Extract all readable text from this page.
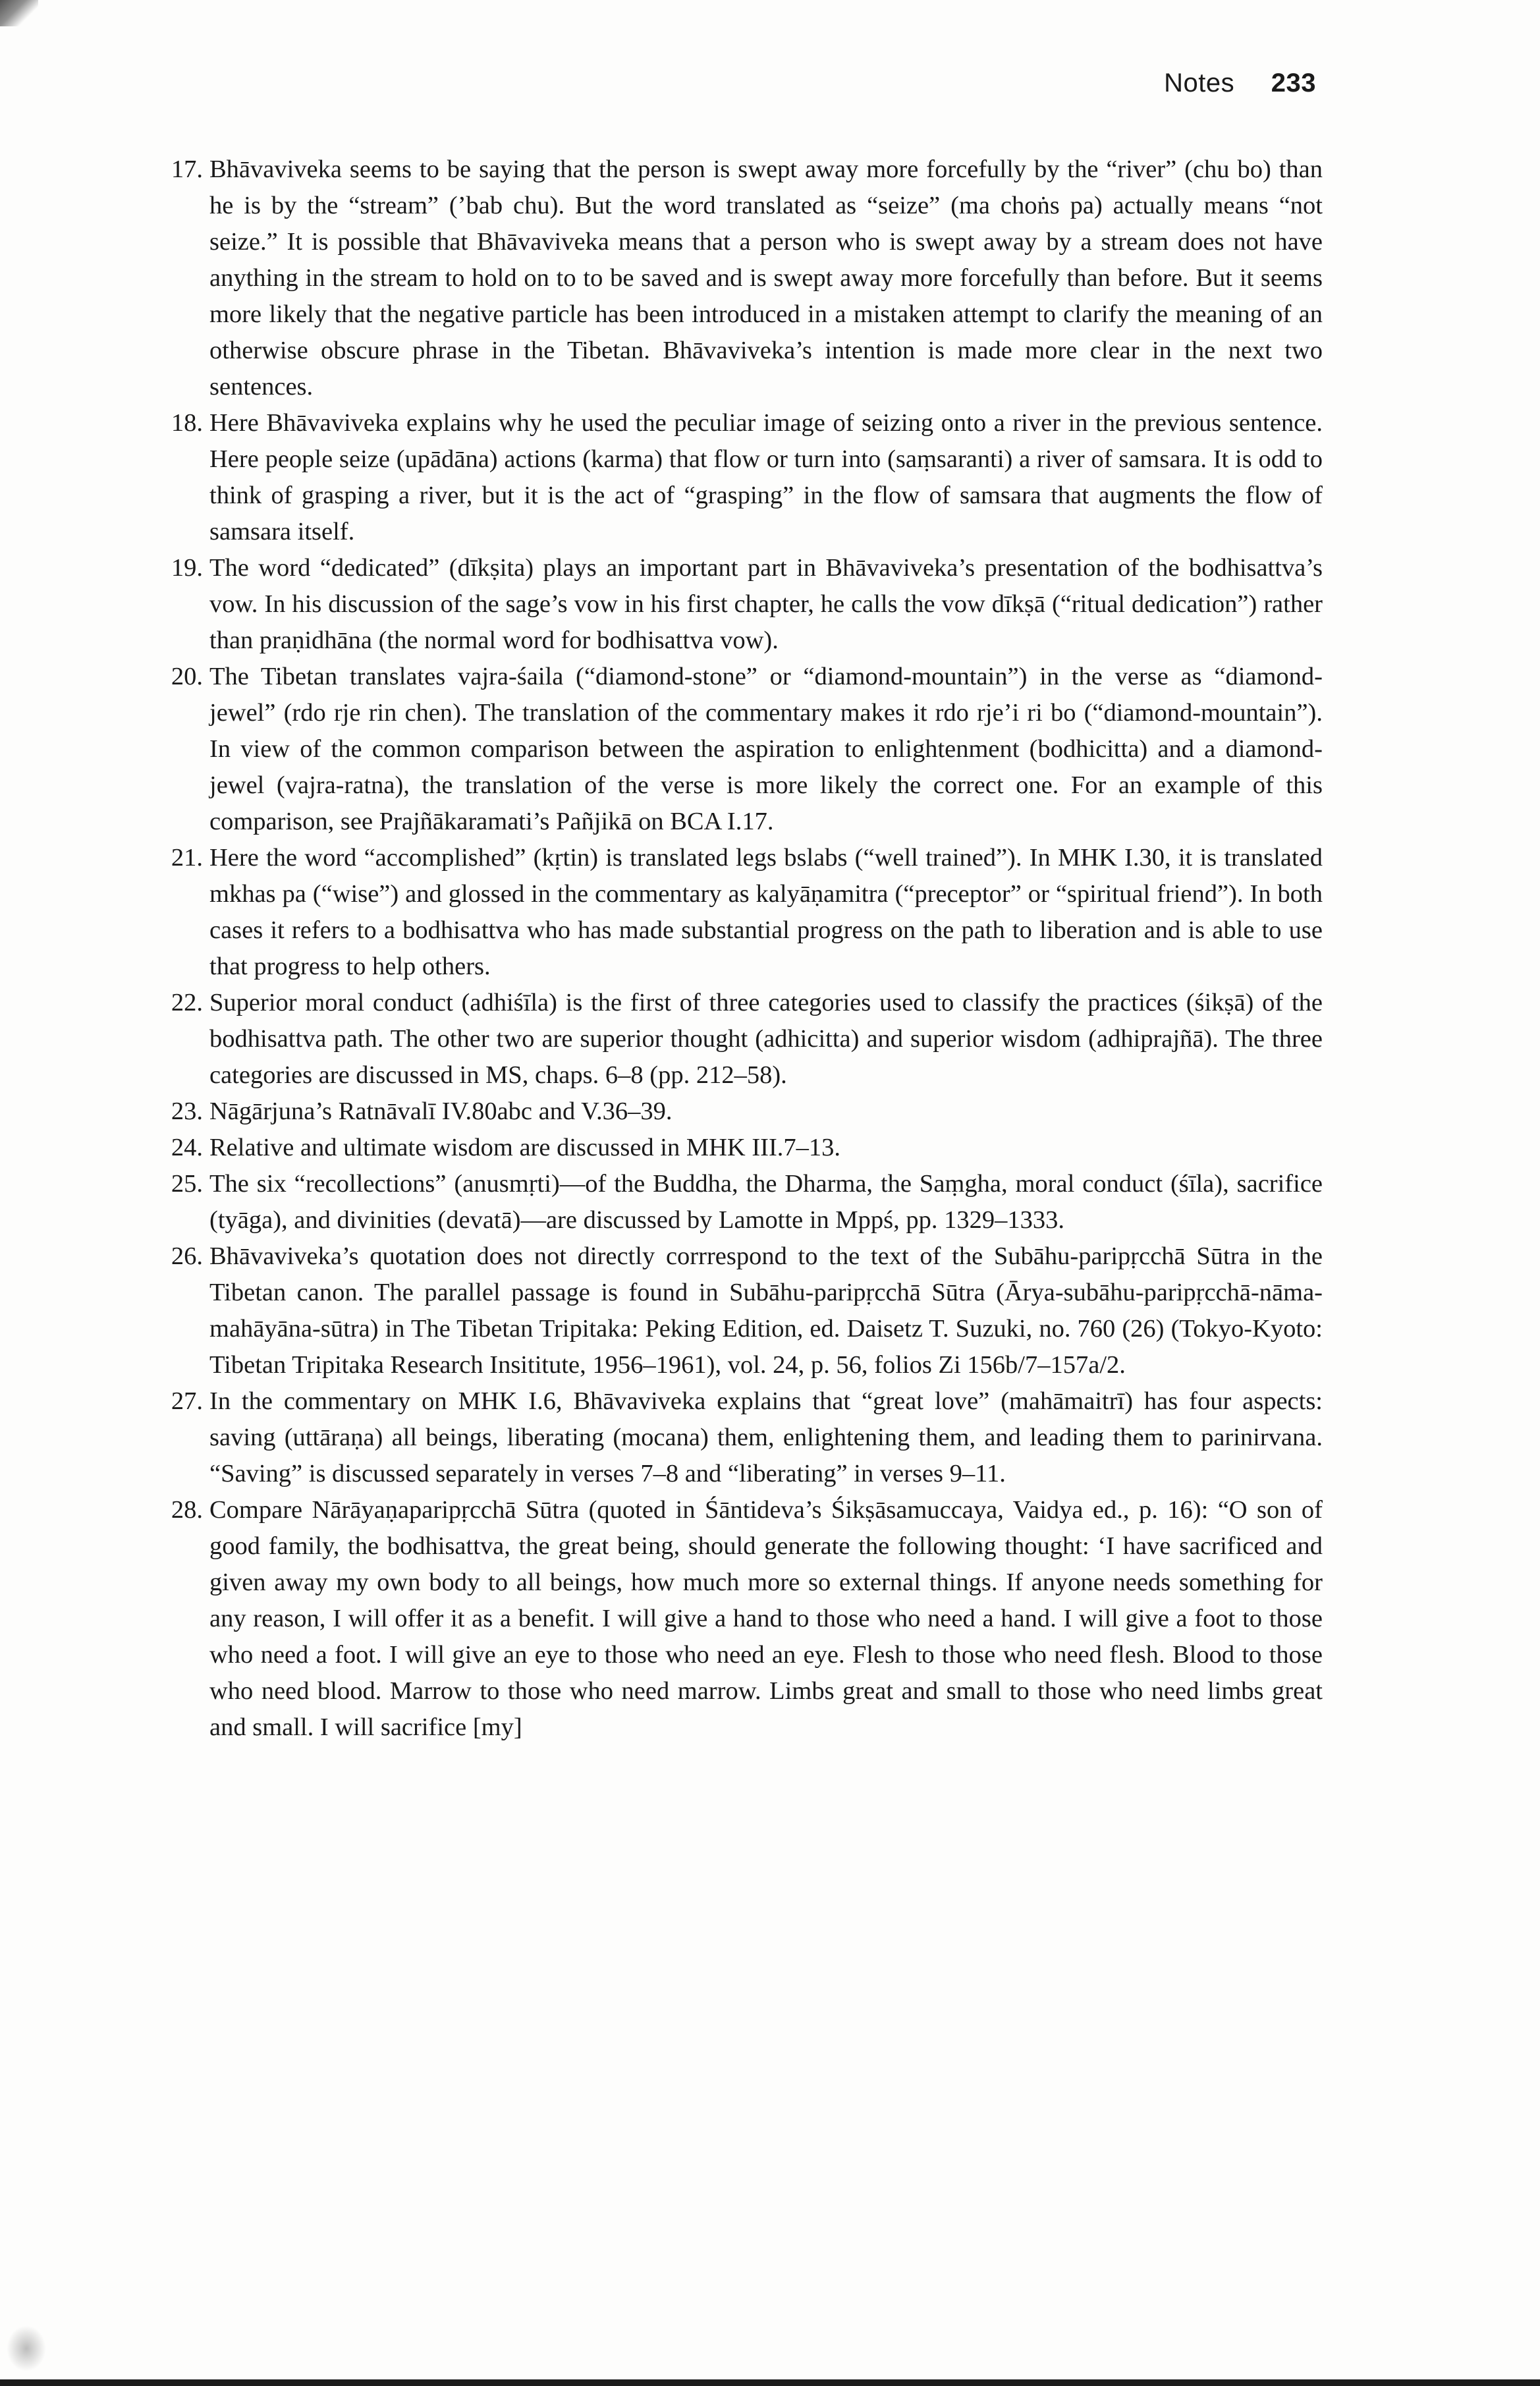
Notes 233
17. Bhāvaviveka seems to be saying that the person is swept away more forcefully by the “river” (chu bo) than he is by the “stream” (’bab chu). But the word translated as “seize” (ma choṅs pa) actually means “not seize.” It is possible that Bhāvaviveka means that a person who is swept away by a stream does not have anything in the stream to hold on to to be saved and is swept away more forcefully than before. But it seems more likely that the negative particle has been introduced in a mistaken attempt to clarify the meaning of an otherwise obscure phrase in the Tibetan. Bhāvaviveka’s intention is made more clear in the next two sentences.
18. Here Bhāvaviveka explains why he used the peculiar image of seizing onto a river in the previous sentence. Here people seize (upādāna) actions (karma) that flow or turn into (saṃsaranti) a river of samsara. It is odd to think of grasping a river, but it is the act of “grasping” in the flow of samsara that augments the flow of samsara itself.
19. The word “dedicated” (dīkṣita) plays an important part in Bhāvaviveka’s presentation of the bodhisattva’s vow. In his discussion of the sage’s vow in his first chapter, he calls the vow dīkṣā (“ritual dedication”) rather than praṇidhāna (the normal word for bodhisattva vow).
20. The Tibetan translates vajra-śaila (“diamond-stone” or “diamond-mountain”) in the verse as “diamond-jewel” (rdo rje rin chen). The translation of the commentary makes it rdo rje’i ri bo (“diamond-mountain”). In view of the common comparison between the aspiration to enlightenment (bodhicitta) and a diamond-jewel (vajra-ratna), the translation of the verse is more likely the correct one. For an example of this comparison, see Prajñākaramati’s Pañjikā on BCA I.17.
21. Here the word “accomplished” (kṛtin) is translated legs bslabs (“well trained”). In MHK I.30, it is translated mkhas pa (“wise”) and glossed in the commentary as kalyāṇamitra (“preceptor” or “spiritual friend”). In both cases it refers to a bodhisattva who has made substantial progress on the path to liberation and is able to use that progress to help others.
22. Superior moral conduct (adhiśīla) is the first of three categories used to classify the practices (śikṣā) of the bodhisattva path. The other two are superior thought (adhicitta) and superior wisdom (adhiprajñā). The three categories are discussed in MS, chaps. 6–8 (pp. 212–58).
23. Nāgārjuna’s Ratnāvalī IV.80abc and V.36–39.
24. Relative and ultimate wisdom are discussed in MHK III.7–13.
25. The six “recollections” (anusmṛti)—of the Buddha, the Dharma, the Saṃgha, moral conduct (śīla), sacrifice (tyāga), and divinities (devatā)—are discussed by Lamotte in Mppś, pp. 1329–1333.
26. Bhāvaviveka’s quotation does not directly corrrespond to the text of the Subāhu-paripṛcchā Sūtra in the Tibetan canon. The parallel passage is found in Subāhu-paripṛcchā Sūtra (Ārya-subāhu-paripṛcchā-nāma-mahāyāna-sūtra) in The Tibetan Tripitaka: Peking Edition, ed. Daisetz T. Suzuki, no. 760 (26) (Tokyo-Kyoto: Tibetan Tripitaka Research Insititute, 1956–1961), vol. 24, p. 56, folios Zi 156b/7–157a/2.
27. In the commentary on MHK I.6, Bhāvaviveka explains that “great love” (mahāmaitrī) has four aspects: saving (uttāraṇa) all beings, liberating (mocana) them, enlightening them, and leading them to parinirvana. “Saving” is discussed separately in verses 7–8 and “liberating” in verses 9–11.
28. Compare Nārāyaṇaparipṛcchā Sūtra (quoted in Śāntideva’s Śikṣāsamuccaya, Vaidya ed., p. 16): “O son of good family, the bodhisattva, the great being, should generate the following thought: ‘I have sacrificed and given away my own body to all beings, how much more so external things. If anyone needs something for any reason, I will offer it as a benefit. I will give a hand to those who need a hand. I will give a foot to those who need a foot. I will give an eye to those who need an eye. Flesh to those who need flesh. Blood to those who need blood. Marrow to those who need marrow. Limbs great and small to those who need limbs great and small. I will sacrifice [my]
